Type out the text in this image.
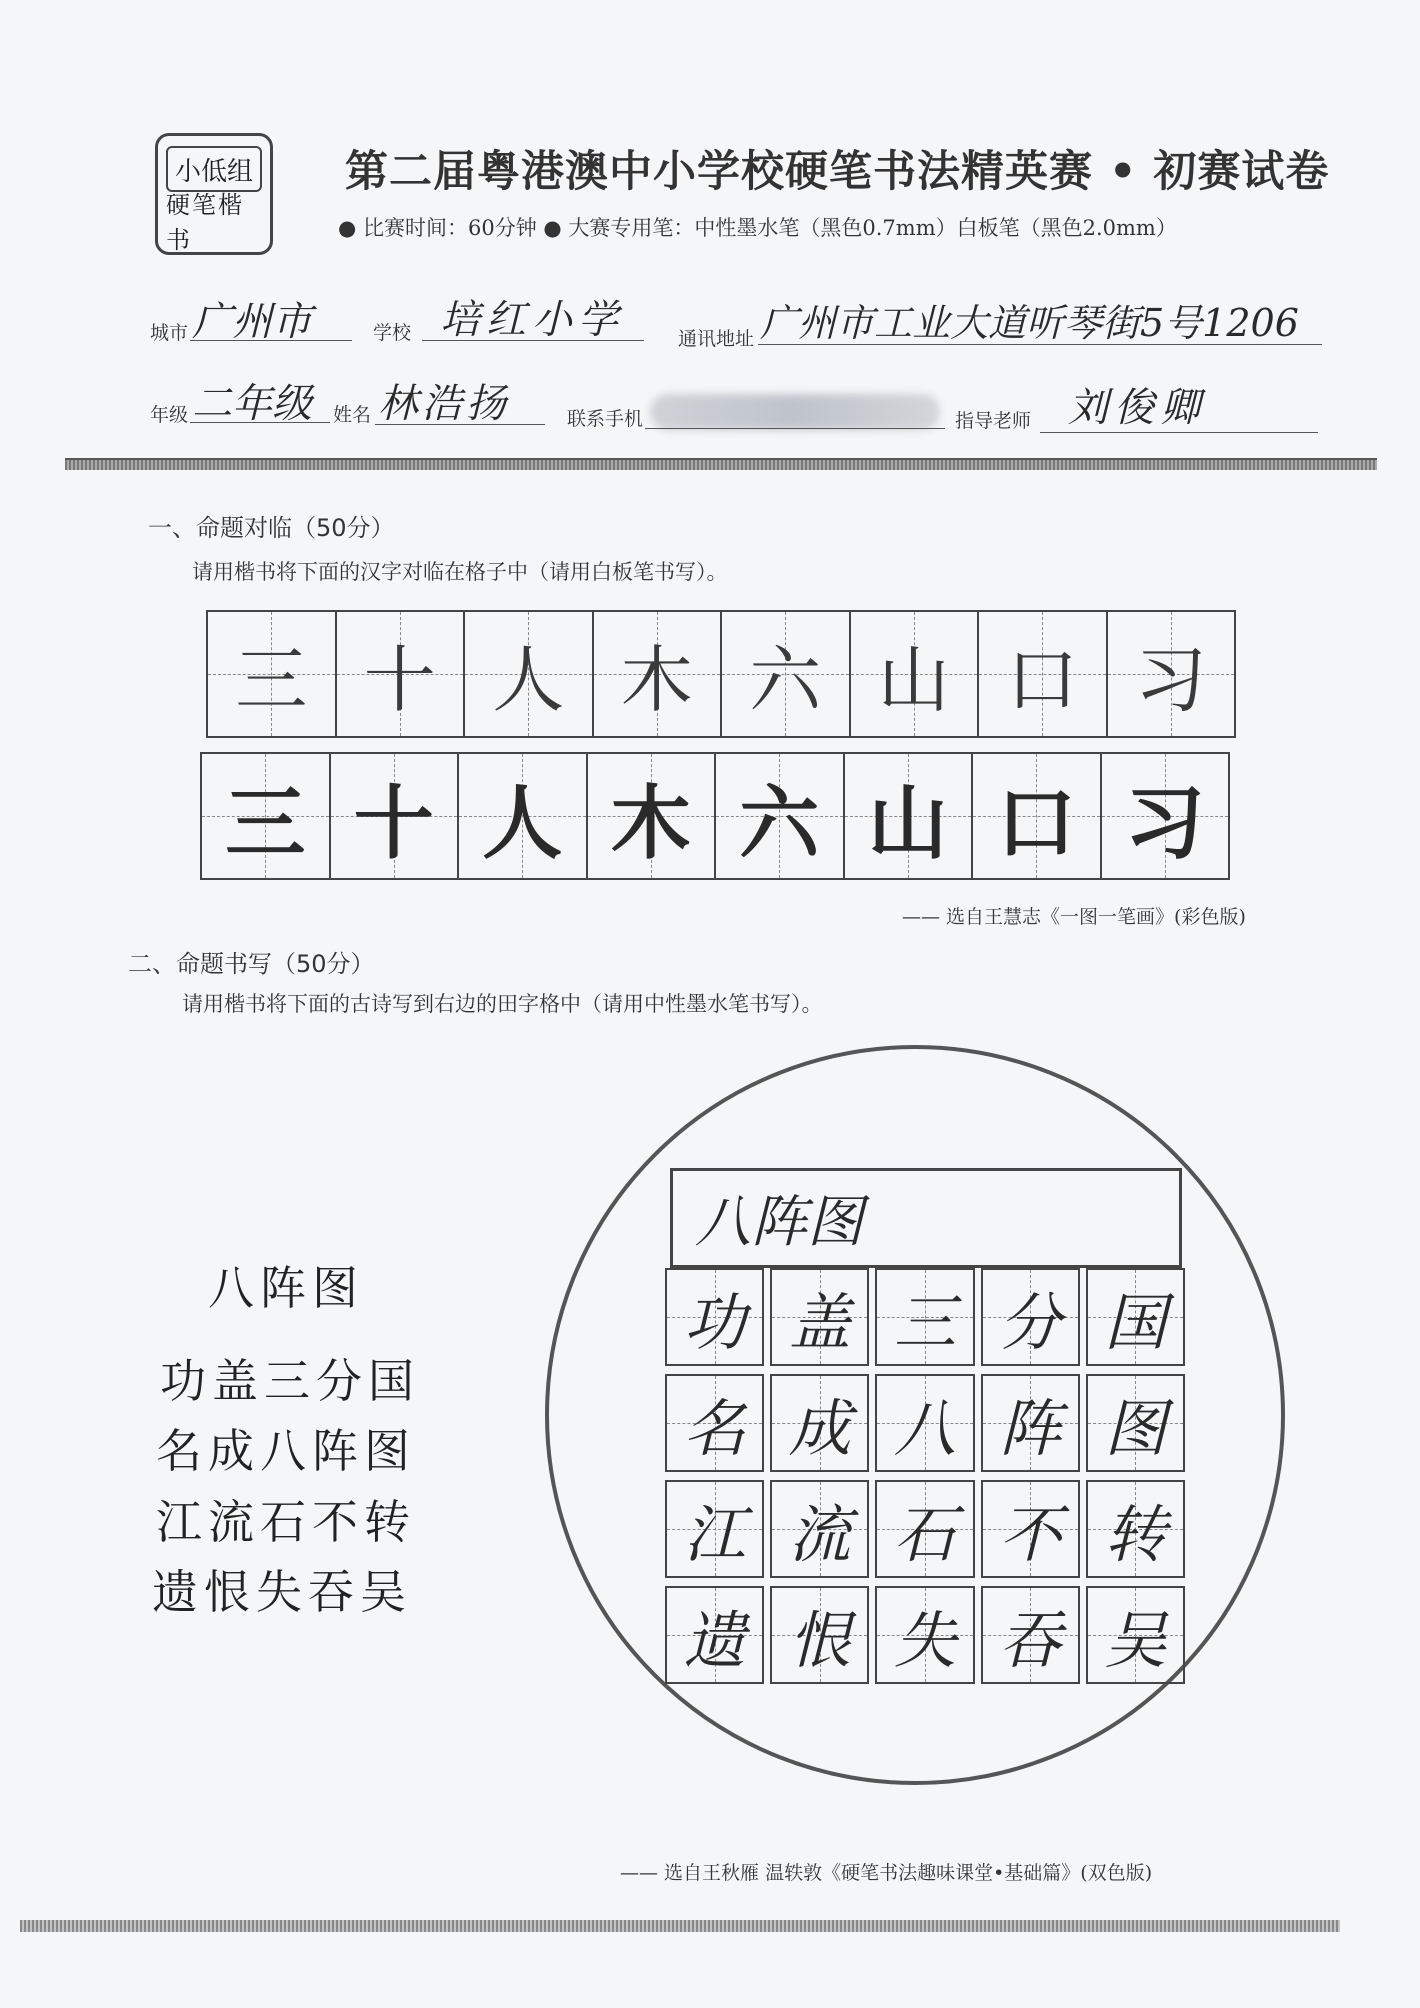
小低组
硬笔楷书
第二届粤港澳中小学校硬笔书法精英赛 • 初赛试卷
● 比赛时间：60分钟 ● 大赛专用笔：中性墨水笔（黑色0.7mm）白板笔（黑色2.0mm）
城市 广州市	学校 培红小学	通讯地址 广州市工业大道听琴街5号1206
年级 二年级 姓名 林浩扬	联系手机	指导老师 刘俊卿
一、命题对临（50分）
请用楷书将下面的汉字对临在格子中（请用白板笔书写）。
三 十 人 木 六 山 口 习
三 十 人 木 六 山 口 习
—— 选自王慧志《一图一笔画》(彩色版)
二、命题书写（50分）
请用楷书将下面的古诗写到右边的田字格中（请用中性墨水笔书写）。
八阵图
功盖三分国
名成八阵图
江流石不转
遗恨失吞吴
八阵图
功 盖 三 分 国
名 成 八 阵 图
江 流 石 不 转
遗 恨 失 吞 吴
—— 选自王秋雁 温轶敦《硬笔书法趣味课堂•基础篇》(双色版)
